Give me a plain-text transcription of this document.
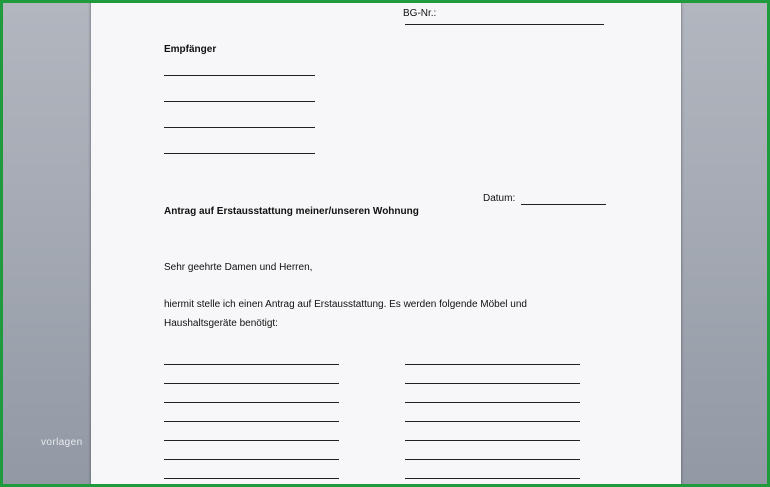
BG-Nr.:
Empfänger
Datum:
Antrag auf Erstausstattung meiner/unseren Wohnung
Sehr geehrte Damen und Herren,
hiermit stelle ich einen Antrag auf Erstausstattung. Es werden folgende Möbel und
Haushaltsgeräte benötigt:
vorlagen
